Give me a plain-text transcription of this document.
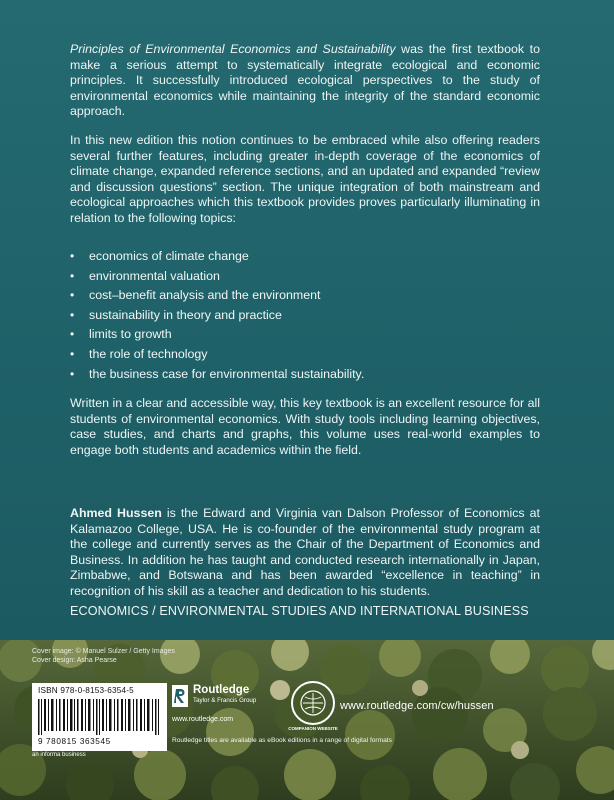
Principles of Environmental Economics and Sustainability was the first textbook to make a serious attempt to systematically integrate ecological and economic principles. It successfully introduced ecological perspectives to the study of environmental economics while maintaining the integrity of the standard economic approach.

In this new edition this notion continues to be embraced while also offering readers several further features, including greater in-depth coverage of the economics of climate change, expanded reference sections, and an updated and expanded “review and discussion questions” section. The unique integration of both mainstream and ecological approaches which this textbook provides proves particularly illuminating in relation to the following topics:

• economics of climate change
• environmental valuation
• cost–benefit analysis and the environment
• sustainability in theory and practice
• limits to growth
• the role of technology
• the business case for environmental sustainability.

Written in a clear and accessible way, this key textbook is an excellent resource for all students of environmental economics. With study tools including learning objectives, case studies, and charts and graphs, this volume uses real-world examples to engage both students and academics within the field.

Ahmed Hussen is the Edward and Virginia van Dalson Professor of Economics at Kalamazoo College, USA. He is co-founder of the environmental study program at the college and currently serves as the Chair of the Department of Economics and Business. In addition he has taught and conducted research internationally in Japan, Zimbabwe, and Botswana and has been awarded “excellence in teaching” in recognition of his skill as a teacher and dedication to his students.

ECONOMICS / ENVIRONMENTAL STUDIES AND INTERNATIONAL BUSINESS
Cover image: © Manuel Sulzer / Getty Images
Cover design: Asha Pearse
ISBN 978-0-8153-6354-5
9 780815 363545
an informa business
Routledge
Taylor & Francis Group
www.routledge.com
COMPANION WEBSITE
www.routledge.com/cw/hussen
Routledge titles are available as eBook editions in a range of digital formats
